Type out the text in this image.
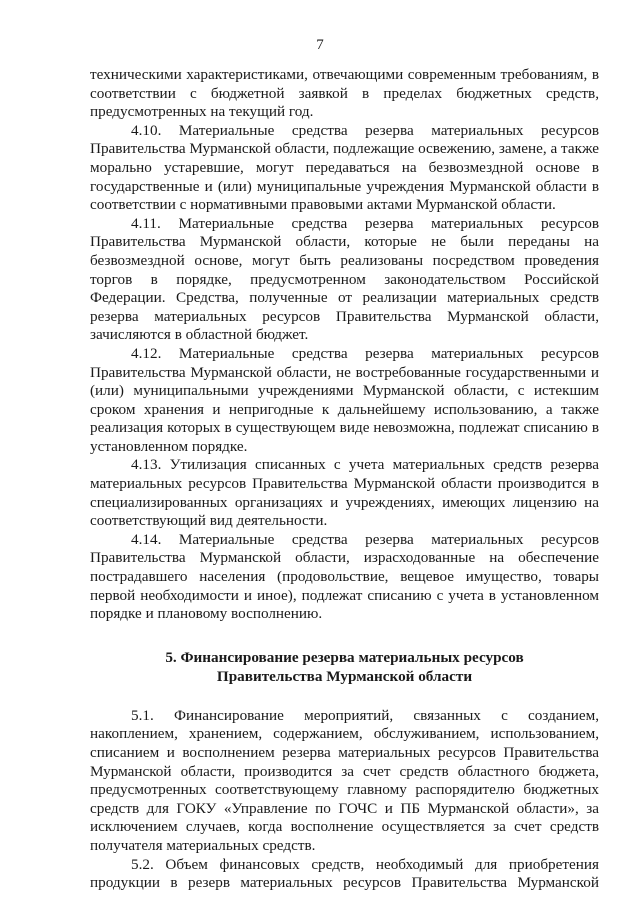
7

техническими характеристиками, отвечающими современным требованиям, в соответствии с бюджетной заявкой в пределах бюджетных средств, предусмотренных на текущий год.

4.10. Материальные средства резерва материальных ресурсов Правительства Мурманской области, подлежащие освежению, замене, а также морально устаревшие, могут передаваться на безвозмездной основе в государственные и (или) муниципальные учреждения Мурманской области в соответствии с нормативными правовыми актами Мурманской области.

4.11. Материальные средства резерва материальных ресурсов Правительства Мурманской области, которые не были переданы на безвозмездной основе, могут быть реализованы посредством проведения торгов в порядке, предусмотренном законодательством Российской Федерации. Средства, полученные от реализации материальных средств резерва материальных ресурсов Правительства Мурманской области, зачисляются в областной бюджет.

4.12. Материальные средства резерва материальных ресурсов Правительства Мурманской области, не востребованные государственными и (или) муниципальными учреждениями Мурманской области, с истекшим сроком хранения и непригодные к дальнейшему использованию, а также реализация которых в существующем виде невозможна, подлежат списанию в установленном порядке.

4.13. Утилизация списанных с учета материальных средств резерва материальных ресурсов Правительства Мурманской области производится в специализированных организациях и учреждениях, имеющих лицензию на соответствующий вид деятельности.

4.14. Материальные средства резерва материальных ресурсов Правительства Мурманской области, израсходованные на обеспечение пострадавшего населения (продовольствие, вещевое имущество, товары первой необходимости и иное), подлежат списанию с учета в установленном порядке и плановому восполнению.

5. Финансирование резерва материальных ресурсов
Правительства Мурманской области

5.1. Финансирование мероприятий, связанных с созданием, накоплением, хранением, содержанием, обслуживанием, использованием, списанием и восполнением резерва материальных ресурсов Правительства Мурманской области, производится за счет средств областного бюджета, предусмотренных соответствующему главному распорядителю бюджетных средств для ГОКУ «Управление по ГОЧС и ПБ Мурманской области», за исключением случаев, когда восполнение осуществляется за счет средств получателя материальных средств.

5.2. Объем финансовых средств, необходимый для приобретения продукции в резерв материальных ресурсов Правительства Мурманской
